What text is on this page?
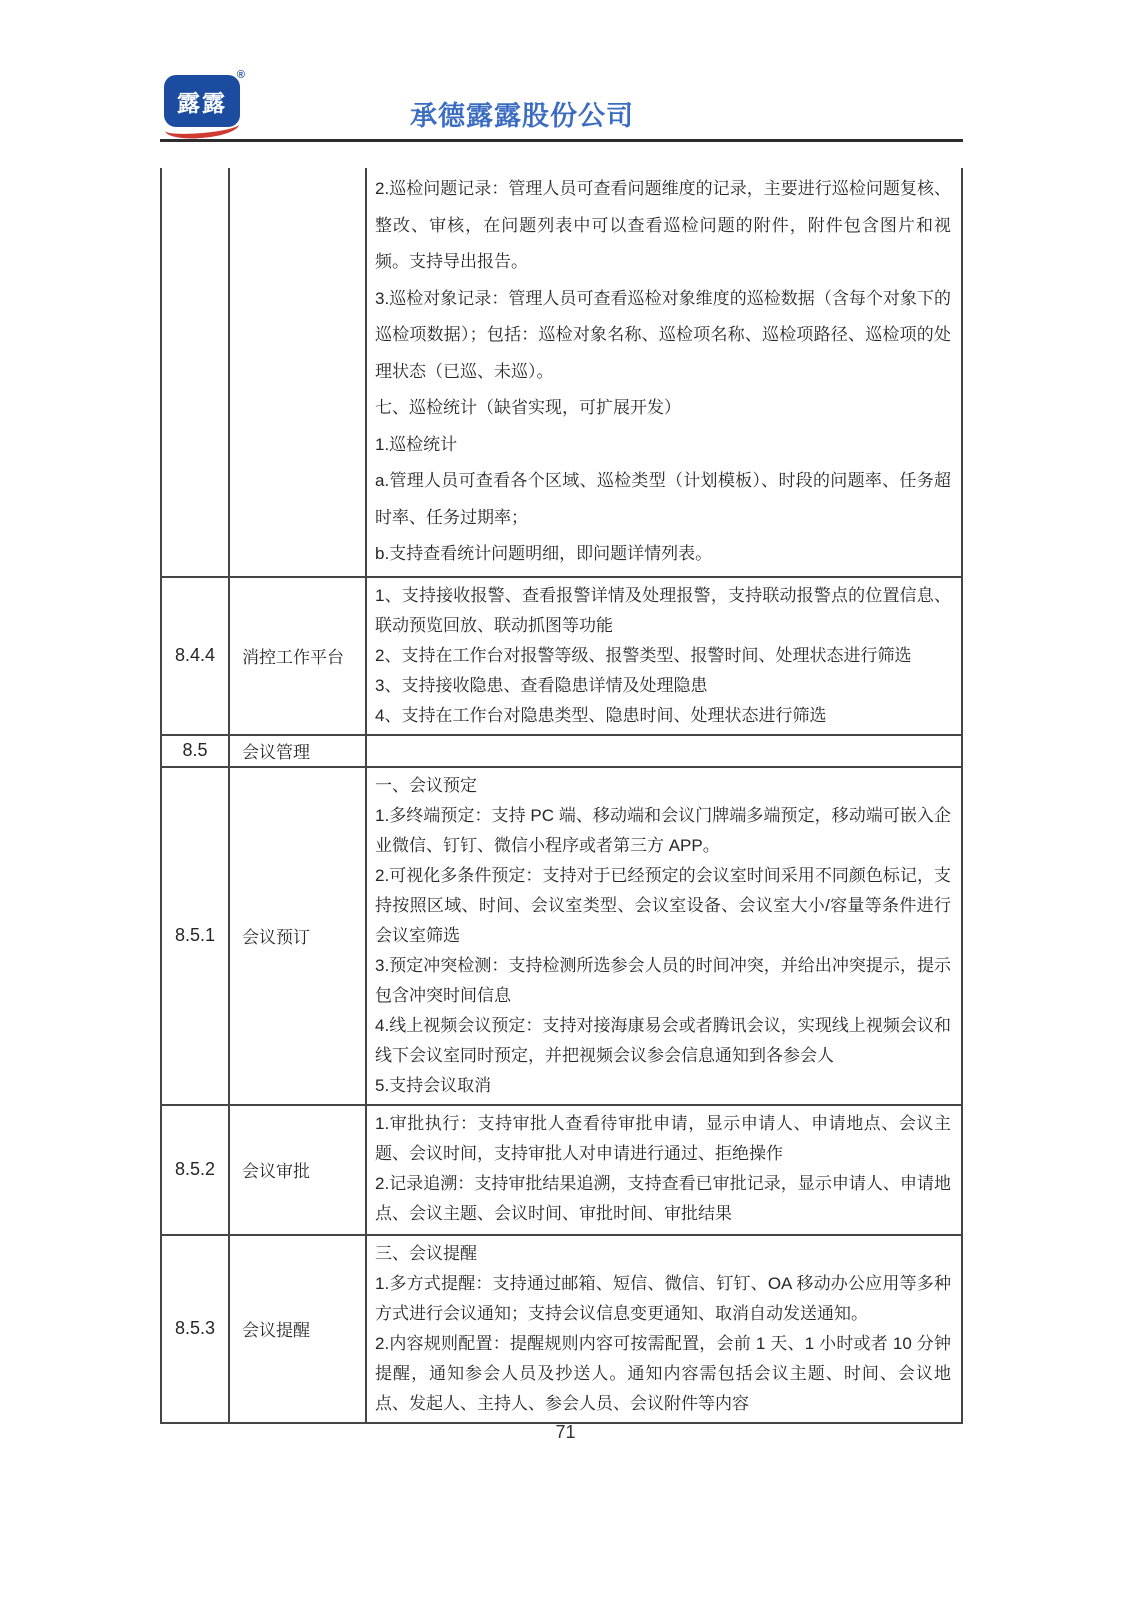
露露
®
承德露露股份公司

2.巡检问题记录：管理人员可查看问题维度的记录，主要进行巡检问题复核、整改、审核，在问题列表中可以查看巡检问题的附件，附件包含图片和视频。支持导出报告。

3.巡检对象记录：管理人员可查看巡检对象维度的巡检数据（含每个对象下的巡检项数据）；包括：巡检对象名称、巡检项名称、巡检项路径、巡检项的处理状态（已巡、未巡）。

七、巡检统计（缺省实现，可扩展开发）

1.巡检统计

a.管理人员可查看各个区域、巡检类型（计划模板）、时段的问题率、任务超时率、任务过期率；

b.支持查看统计问题明细，即问题详情列表。

8.4.4	消控工作平台	1、支持接收报警、查看报警详情及处理报警，支持联动报警点的位置信息、联动预览回放、联动抓图等功能

2、支持在工作台对报警等级、报警类型、报警时间、处理状态进行筛选

3、支持接收隐患、查看隐患详情及处理隐患

4、支持在工作台对隐患类型、隐患时间、处理状态进行筛选

8.5	会议管理	
8.5.1	会议预订	

一、会议预定

1.多终端预定：支持 PC 端、移动端和会议门牌端多端预定，移动端可嵌入企业微信、钉钉、微信小程序或者第三方 APP。

2.可视化多条件预定：支持对于已经预定的会议室时间采用不同颜色标记，支持按照区域、时间、会议室类型、会议室设备、会议室大小/容量等条件进行会议室筛选

3.预定冲突检测：支持检测所选参会人员的时间冲突，并给出冲突提示，提示包含冲突时间信息

4.线上视频会议预定：支持对接海康易会或者腾讯会议，实现线上视频会议和线下会议室同时预定，并把视频会议参会信息通知到各参会人

5.支持会议取消

8.5.2	会议审批	1.审批执行：支持审批人查看待审批申请，显示申请人、申请地点、会议主题、会议时间，支持审批人对申请进行通过、拒绝操作

2.记录追溯：支持审批结果追溯，支持查看已审批记录，显示申请人、申请地点、会议主题、会议时间、审批时间、审批结果

8.5.3	会议提醒	三、会议提醒

1.多方式提醒：支持通过邮箱、短信、微信、钉钉、OA 移动办公应用等多种方式进行会议通知；支持会议信息变更通知、取消自动发送通知。

2.内容规则配置：提醒规则内容可按需配置，会前 1 天、1 小时或者 10 分钟提醒，通知参会人员及抄送人。通知内容需包括会议主题、时间、会议地点、发起人、主持人、参会人员、会议附件等内容

71
